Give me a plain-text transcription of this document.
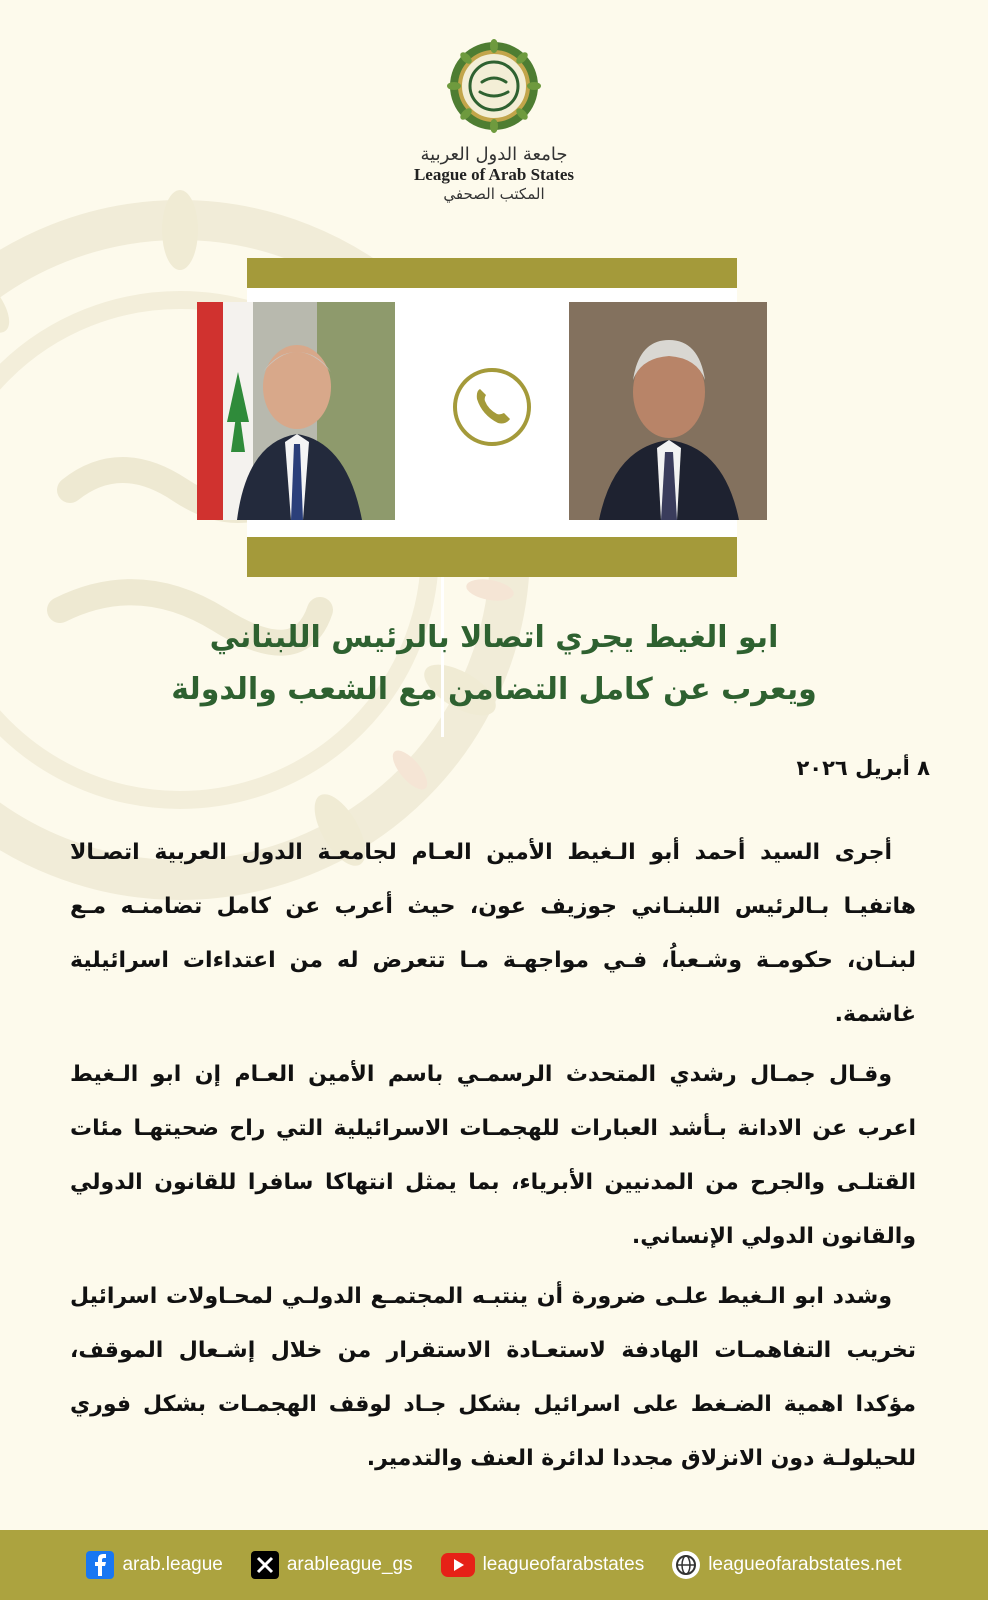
جامعة الدول العربية
League of Arab States
المكتب الصحفي
ابو الغيط يجري اتصالا بالرئيس اللبناني
ويعرب عن كامل التضامن مع الشعب والدولة
٨ أبريل ٢٠٢٦

أجرى السيد أحمد أبو الـغيط الأمين العـام لجامعـة الدول العربية اتصـالا هاتفيـا بـالرئيس اللبنـاني جوزيف عون، حيث أعرب عن كامل تضامنـه مـع لبنـان، حكومـة وشـعباُ، فـي مواجهـة مـا تتعرض له من اعتداءات اسرائيلية غاشمة.

وقـال جمـال رشدي المتحدث الرسمـي باسم الأمين العـام إن ابو الـغيط اعرب عن الادانة بـأشد العبارات للهجمـات الاسرائيلية التي راح ضحيتهـا مئات القتلـى والجرح من المدنيين الأبرياء، بما يمثل انتهاكا سافرا للقانون الدولي والقانون الدولي الإنساني.

وشدد ابو الـغيط علـى ضرورة أن ينتبـه المجتمـع الدولـي لمحـاولات اسرائيل تخريب التفاهمـات الهادفة لاستعـادة الاستقرار من خلال إشـعال الموقف، مؤكدا اهمية الضـغط على اسرائيل بشكل جـاد لوقف الهجمـات بشكل فوري للحيلولـة دون الانزلاق مجددا لدائرة العنف والتدمير.

arab.league	arableague_gs	leagueofarabstates	leagueofarabstates.net
